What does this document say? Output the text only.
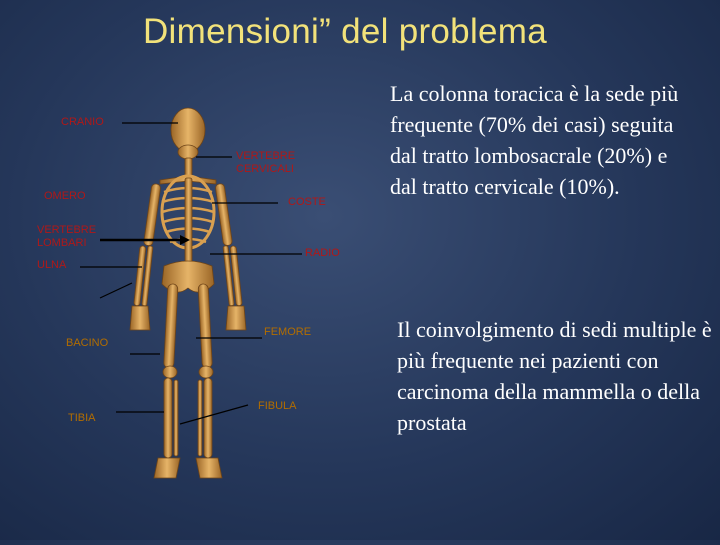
Dimensioni” del problema
CRANIO
VERTEBRE
CERVICALI
OMERO	COSTE
VERTEBRE
LOMBARI
RADIO
ULNA
FEMORE
BACINO
FIBULA
TIBIA
La colonna toracica è la sede più frequente (70% dei casi) seguita dal tratto lombosacrale (20%) e dal tratto cervicale (10%).
Il coinvolgimento di sedi multiple è più frequente nei pazienti con carcinoma della mammella o della prostata
